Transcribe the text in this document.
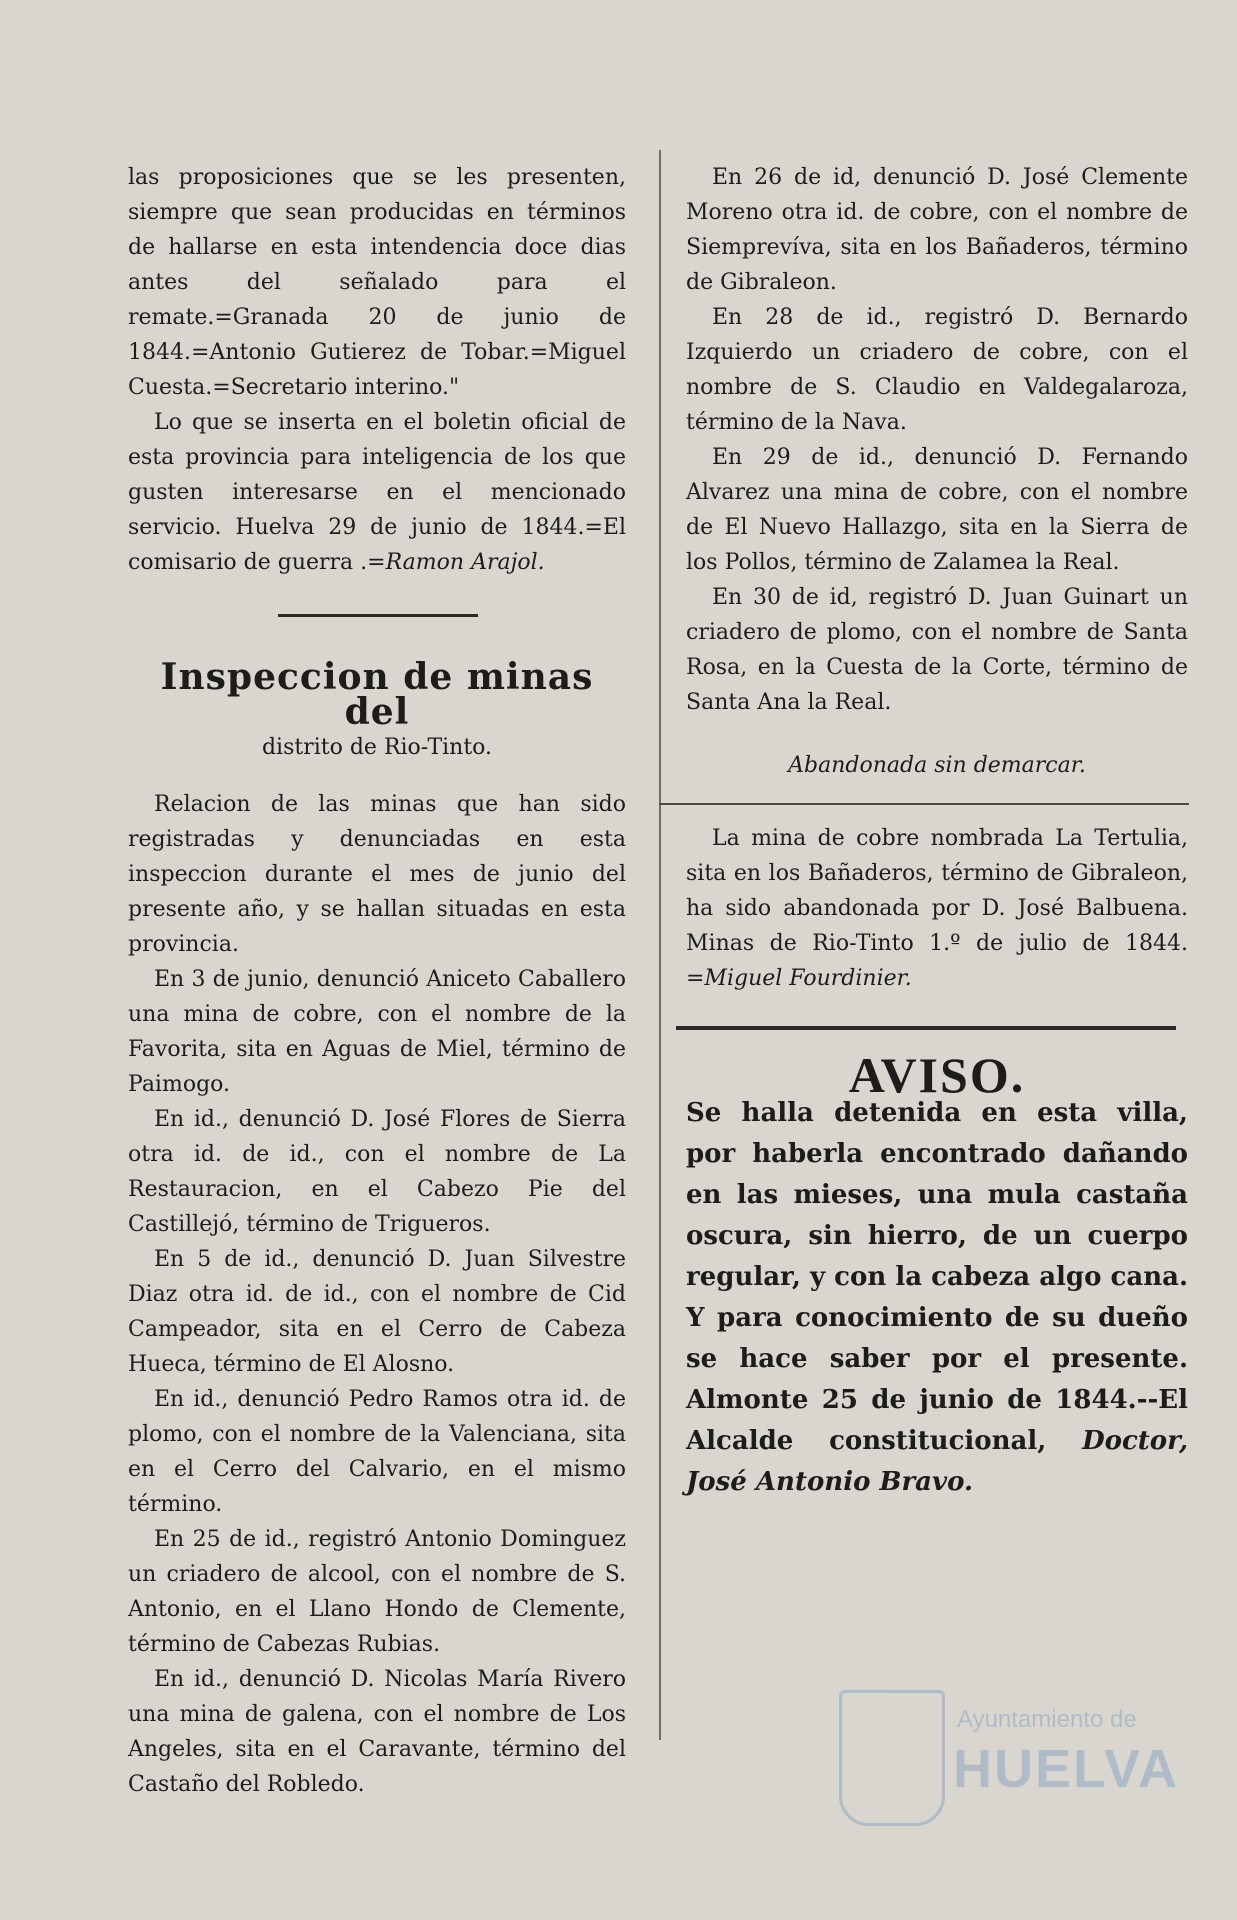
las proposiciones que se les presenten, siempre que sean producidas en términos de hallarse en esta intendencia doce dias antes del señalado para el remate.=Granada 20 de junio de 1844.=Antonio Gutierez de Tobar.=Miguel Cuesta.=Secretario interino."

Lo que se inserta en el boletin oficial de esta provincia para inteligencia de los que gusten interesarse en el mencionado servicio. Huelva 29 de junio de 1844.=El comisario de guerra .=Ramon Arajol.

Inspeccion de minas del

distrito de Rio-Tinto.

Relacion de las minas que han sido registradas y denunciadas en esta inspeccion durante el mes de junio del presente año, y se hallan situadas en esta provincia.

En 3 de junio, denunció Aniceto Caballero una mina de cobre, con el nombre de la Favorita, sita en Aguas de Miel, término de Paimogo.

En id., denunció D. José Flores de Sierra otra id. de id., con el nombre de La Restauracion, en el Cabezo Pie del Castillejó, término de Trigueros.

En 5 de id., denunció D. Juan Silvestre Diaz otra id. de id., con el nombre de Cid Campeador, sita en el Cerro de Cabeza Hueca, término de El Alosno.

En id., denunció Pedro Ramos otra id. de plomo, con el nombre de la Valenciana, sita en el Cerro del Calvario, en el mismo término.

En 25 de id., registró Antonio Dominguez un criadero de alcool, con el nombre de S. Antonio, en el Llano Hondo de Clemente, término de Cabezas Rubias.

En id., denunció D. Nicolas María Rivero una mina de galena, con el nombre de Los Angeles, sita en el Caravante, término del Castaño del Robledo.

En 26 de id, denunció D. José Clemente Moreno otra id. de cobre, con el nombre de Siemprevíva, sita en los Bañaderos, término de Gibraleon.

En 28 de id., registró D. Bernardo Izquierdo un criadero de cobre, con el nombre de S. Claudio en Valdegalaroza, término de la Nava.

En 29 de id., denunció D. Fernando Alvarez una mina de cobre, con el nombre de El Nuevo Hallazgo, sita en la Sierra de los Pollos, término de Zalamea la Real.

En 30 de id, registró D. Juan Guinart un criadero de plomo, con el nombre de Santa Rosa, en la Cuesta de la Corte, término de Santa Ana la Real.

Abandonada sin demarcar.

La mina de cobre nombrada La Tertulia, sita en los Bañaderos, término de Gibraleon, ha sido abandonada por D. José Balbuena. Minas de Rio-Tinto 1.º de julio de 1844. =Miguel Fourdinier.

AVISO.

Se halla detenida en esta villa, por haberla encontrado dañando en las mieses, una mula castaña oscura, sin hierro, de un cuerpo regular, y con la cabeza algo cana. Y para conocimiento de su dueño se hace saber por el presente. Almonte 25 de junio de 1844.--El Alcalde constitucional, Doctor, José Antonio Bravo.

Ayuntamiento de
HUELVA
